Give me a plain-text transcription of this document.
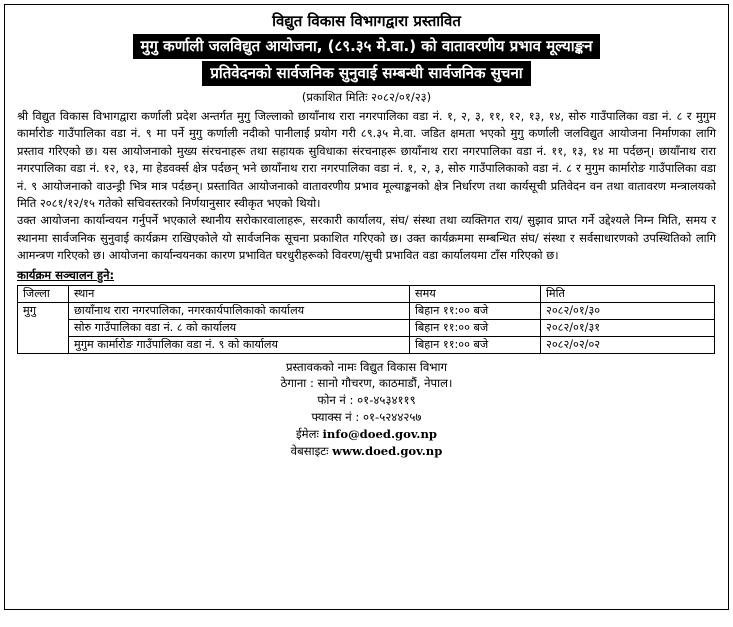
विद्युत विकास विभागद्वारा प्रस्तावित
मुगु कर्णाली जलविद्युत आयोजना, (८९.३५ मे.वा.) को वातावरणीय प्रभाव मूल्याङ्कन
प्रतिवेदनको सार्वजनिक सुनुवाई सम्बन्धी सार्वजनिक सुचना
(प्रकाशित मितिः २०८२/०१/२३)

श्री विद्युत विकास विभागद्वारा कर्णाली प्रदेश अन्तर्गत मुगु जिल्लाको छायाँनाथ रारा नगरपालिका वडा नं. १, २, ३, ११, १२, १३, १४, सोरु गाउँपालिका वडा नं. ८ र मुगुम कार्मारोङ गाउँपालिका वडा नं. ९ मा पर्ने मुगु कर्णाली नदीको पानीलाई प्रयोग गरी ८९.३५ मे.वा. जडित क्षमता भएको मुगु कर्णाली जलविद्युत आयोजना निर्माणका लागि प्रस्ताव गरिएको छ। यस आयोजनाको मुख्य संरचनाहरू तथा सहायक सुविधाका संरचनाहरू छायाँनाथ रारा नगरपालिका वडा नं. ११, १३, १४ मा पर्दछन्। छायाँनाथ रारा नगरपालिका वडा नं. १२, १३, मा हेडवर्क्स क्षेत्र पर्दछन् भने छायाँनाथ रारा नगरपालिका वडा नं. १, २, ३, सोरु गाउँपालिकाको वडा नं. ८ र मुगुम कार्मारोङ गाउँपालिका वडा नं. ९ आयोजनाको वाउन्ड्री भित्र मात्र पर्दछन्। प्रस्तावित आयोजनाको वातावरणीय प्रभाव मूल्याङ्कनको क्षेत्र निर्धारण तथा कार्यसूची प्रतिवेदन वन तथा वातावरण मन्त्रालयको मिति २०८१/१२/१५ गतेको सचिवस्तरको निर्णयानुसार स्वीकृत भएको थियो।

उक्त आयोजना कार्यान्वयन गर्नुपर्ने भएकाले स्थानीय सरोकारवालाहरू, सरकारी कार्यालय, संघ/ संस्था तथा व्यक्तिगत राय/ सुझाव प्राप्त गर्ने उद्देश्यले निम्न मिति, समय र स्थानमा सार्वजनिक सुनुवाई कार्यक्रम राखिएकोले यो सार्वजनिक सूचना प्रकाशित गरिएको छ। उक्त कार्यक्रममा सम्बन्धित संघ/ संस्था र सर्वसाधारणको उपस्थितिको लागि आमन्त्रण गरिएको छ। आयोजना कार्यान्वयनका कारण प्रभावित घरधुरीहरूको विवरण/सुची प्रभावित वडा कार्यालयमा टाँस गरिएको छ।

कार्यक्रम सञ्चालन हुने:
जिल्ला	स्थान	समय	मिति
मुगु	छायाँनाथ रारा नगरपालिका, नगरकार्यपालिकाको कार्यालय	बिहान ११:०० बजे	२०८२/०१/३०
	सोरु गाउँपालिका वडा नं. ८ को कार्यालय	बिहान ११:०० बजे	२०८२/०१/३१
	मुगुम कार्मारोङ गाउँपालिका वडा नं. ९ को कार्यालय	बिहान ११:०० बजे	२०८२/०२/०२
प्रस्तावकको नामः विद्युत विकास विभाग
ठेगाना : सानो गौचरण, काठमाडौं, नेपाल।
फोन नं : ०१-४५३४११९
फ्याक्स नं : ०१-५२४४२५७
ईमेलः info@doed.gov.np
वेबसाइटः www.doed.gov.np
